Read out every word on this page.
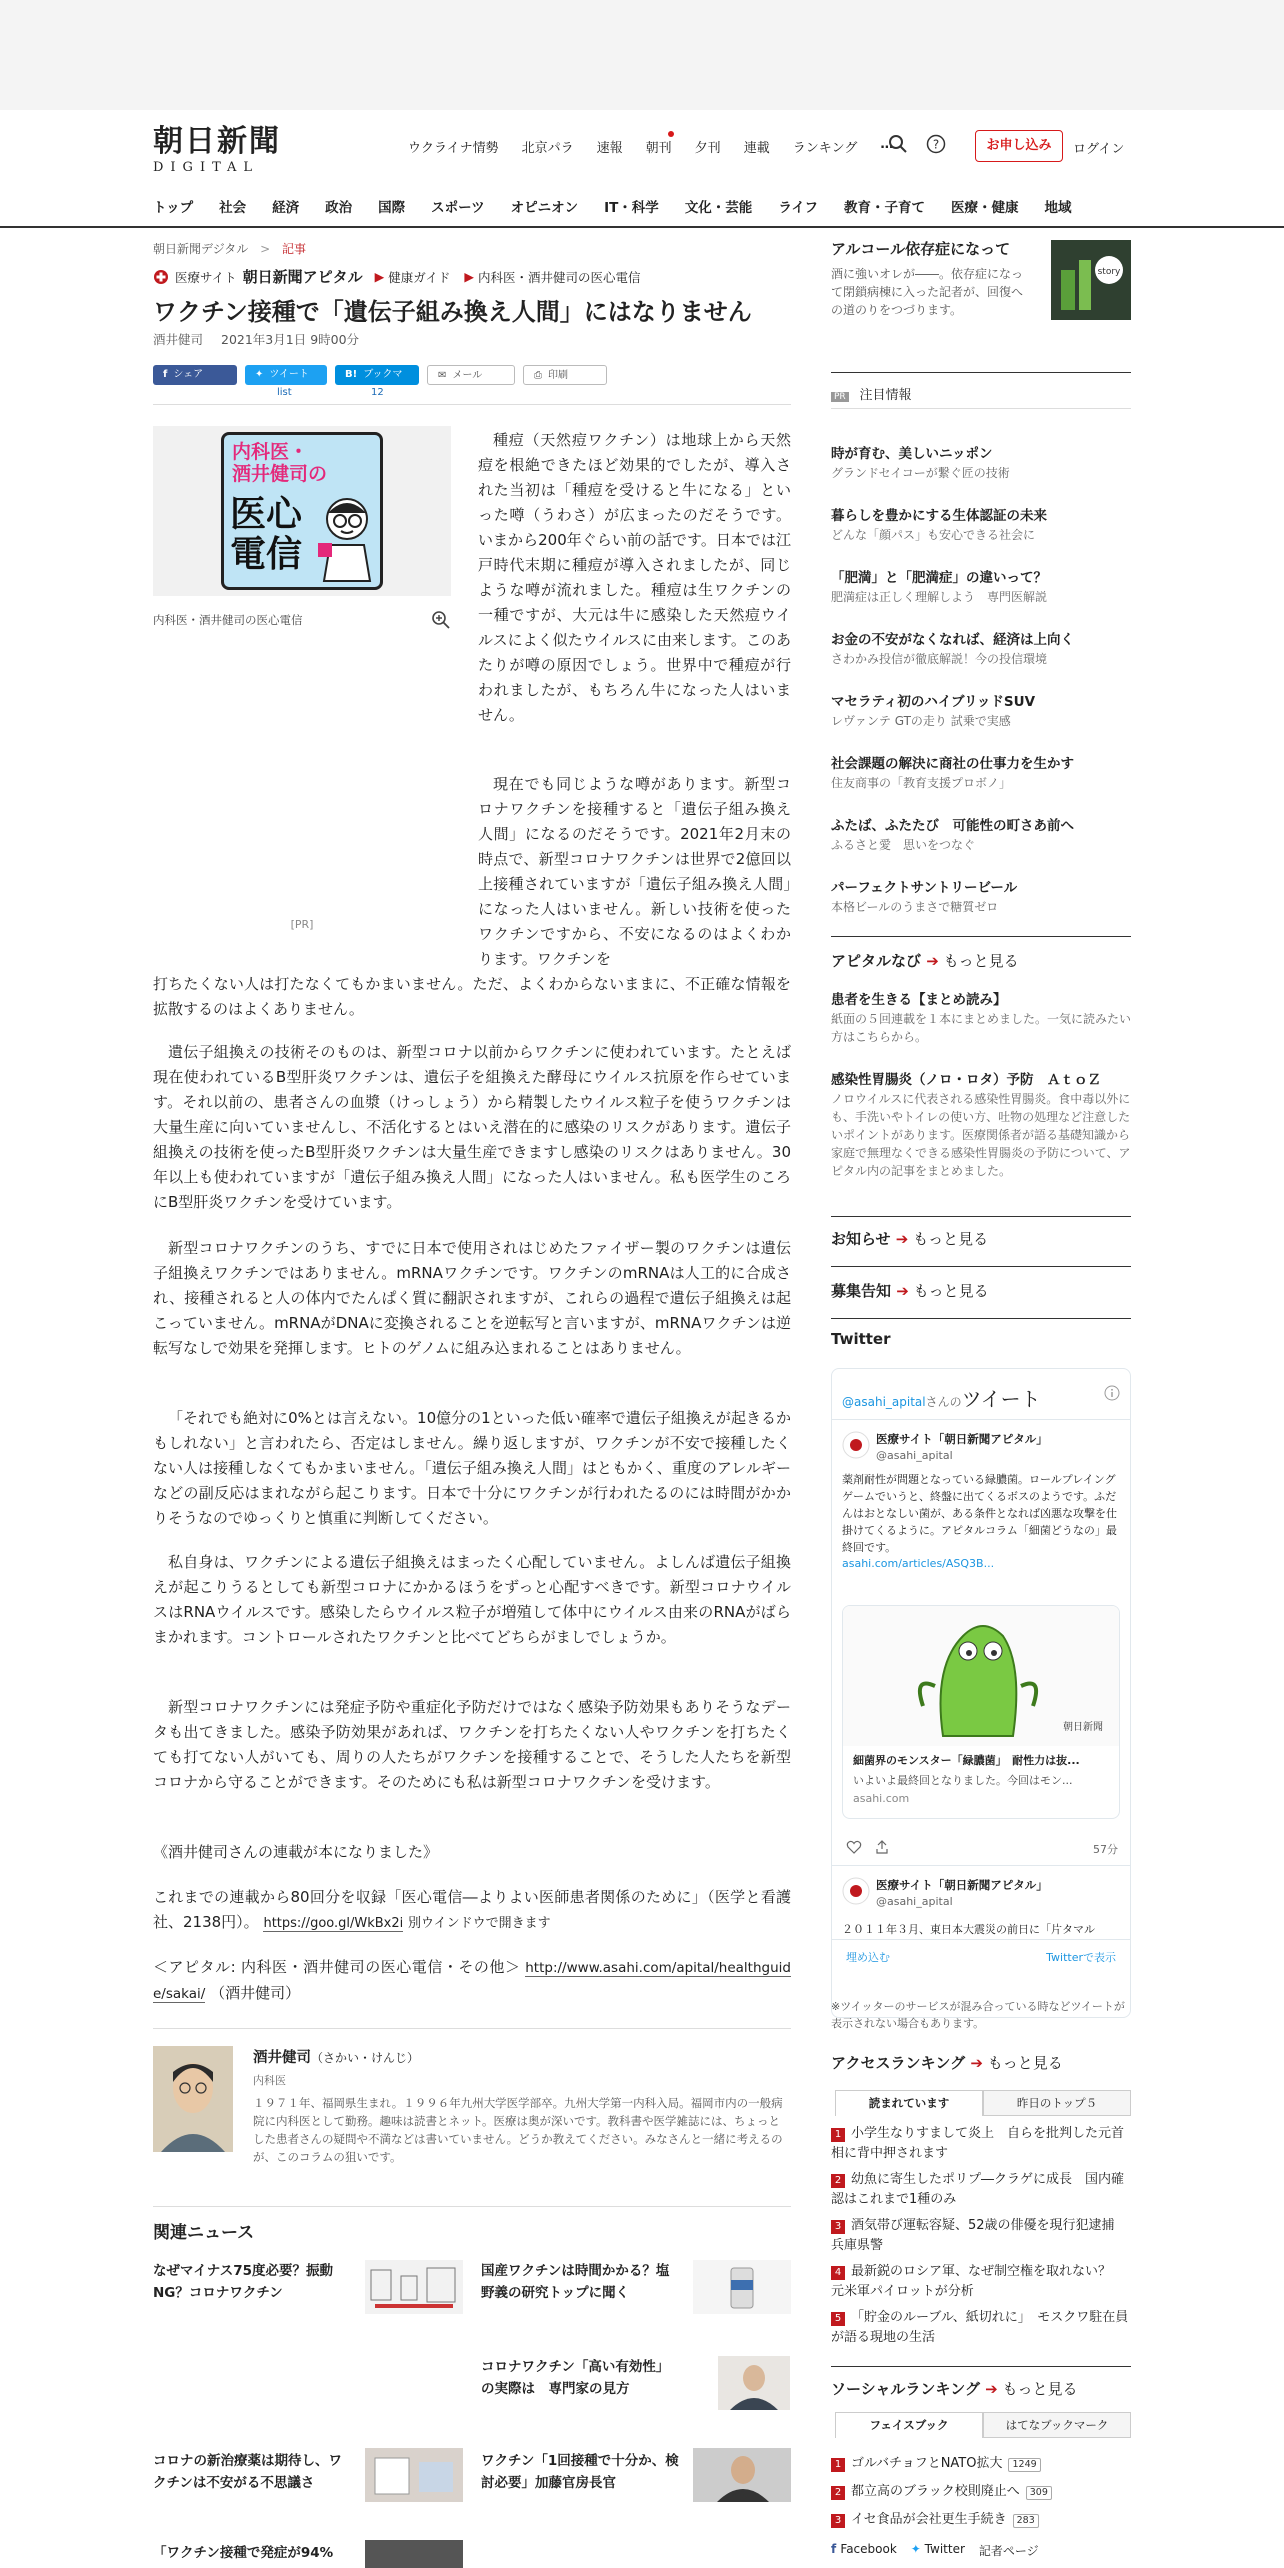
朝日新聞
DIGITAL
ウクライナ情勢 北京パラ 速報 朝刊 夕刊 連載 ランキング …	?	お申し込み	ログイン
トップ 社会 経済 政治 国際 スポーツ オピニオン IT・科学 文化・芸能 ライフ 教育・子育て 医療・健康 地域
朝日新聞デジタル > 記事
医療サイト 朝日新聞アピタル ▶ 健康ガイド ▶ 内科医・酒井健司の医心電信
ワクチン接種で「遺伝子組み換え人間」にはなりません
酒井健司 2021年3月1日 9時00分
f シェア	✦ ツイート	B! ブックマーク
✉ メール	⎙ 印刷
list	12
内科医・
酒井健司の
医心
電信
内科医・酒井健司の医心電信
[PR]
種痘（天然痘ワクチン）は地球上から天然痘を根絶できたほど効果的でしたが、導入された当初は「種痘を受けると牛になる」といった噂（うわさ）が広まったのだそうです。いまから200年ぐらい前の話です。日本では江戸時代末期に種痘が導入されましたが、同じような噂が流れました。種痘は生ワクチンの一種ですが、大元は牛に感染した天然痘ウイルスによく似たウイルスに由来します。このあたりが噂の原因でしょう。世界中で種痘が行われましたが、もちろん牛になった人はいません。
現在でも同じような噂があります。新型コロナワクチンを接種すると「遺伝子組み換え人間」になるのだそうです。2021年2月末の時点で、新型コロナワクチンは世界で2億回以上接種されていますが「遺伝子組み換え人間」になった人はいません。新しい技術を使ったワクチンですから、不安になるのはよくわかります。ワクチンを
打ちたくない人は打たなくてもかまいません。ただ、よくわからないままに、不正確な情報を拡散するのはよくありません。
遺伝子組換えの技術そのものは、新型コロナ以前からワクチンに使われています。たとえば現在使われているB型肝炎ワクチンは、遺伝子を組換えた酵母にウイルス抗原を作らせています。それ以前の、患者さんの血漿（けっしょう）から精製したウイルス粒子を使うワクチンは大量生産に向いていませんし、不活化するとはいえ潜在的に感染のリスクがあります。遺伝子組換えの技術を使ったB型肝炎ワクチンは大量生産できますし感染のリスクはありません。30年以上も使われていますが「遺伝子組み換え人間」になった人はいません。私も医学生のころにB型肝炎ワクチンを受けています。
新型コロナワクチンのうち、すでに日本で使用されはじめたファイザー製のワクチンは遺伝子組換えワクチンではありません。mRNAワクチンです。ワクチンのmRNAは人工的に合成され、接種されると人の体内でたんぱく質に翻訳されますが、これらの過程で遺伝子組換えは起こっていません。mRNAがDNAに変換されることを逆転写と言いますが、mRNAワクチンは逆転写なしで効果を発揮します。ヒトのゲノムに組み込まれることはありません。
「それでも絶対に0%とは言えない。10億分の1といった低い確率で遺伝子組換えが起きるかもしれない」と言われたら、否定はしません。繰り返しますが、ワクチンが不安で接種したくない人は接種しなくてもかまいません。「遺伝子組み換え人間」はともかく、重度のアレルギーなどの副反応はまれながら起こります。日本で十分にワクチンが行われたるのには時間がかかりそうなのでゆっくりと慎重に判断してください。
私自身は、ワクチンによる遺伝子組換えはまったく心配していません。よしんば遺伝子組換えが起こりうるとしても新型コロナにかかるほうをずっと心配すべきです。新型コロナウイルスはRNAウイルスです。感染したらウイルス粒子が増殖して体中にウイルス由来のRNAがばらまかれます。コントロールされたワクチンと比べてどちらがましでしょうか。
新型コロナワクチンには発症予防や重症化予防だけではなく感染予防効果もありそうなデータも出てきました。感染予防効果があれば、ワクチンを打ちたくない人やワクチンを打ちたくても打てない人がいても、周りの人たちがワクチンを接種することで、そうした人たちを新型コロナから守ることができます。そのためにも私は新型コロナワクチンを受けます。
《酒井健司さんの連載が本になりました》
これまでの連載から80回分を収録「医心電信―よりよい医師患者関係のために」（医学と看護社、2138円）。 https://goo.gl/WkBx2i 別ウインドウで開きます
＜アピタル: 内科医・酒井健司の医心電信・その他＞ http://www.asahi.com/apital/healthguide/sakai/ （酒井健司）
酒井健司（さかい・けんじ）
内科医
１９７１年、福岡県生まれ。１９９６年九州大学医学部卒。九州大学第一内科入局。福岡市内の一般病院に内科医として勤務。趣味は読書とネット。医療は奥が深いです。教科書や医学雑誌には、ちょっとした患者さんの疑問や不満などは書いていません。どうか教えてください。みなさんと一緒に考えるのが、このコラムの狙いです。
関連ニュース
なぜマイナス75度必要？振動NG？コロナワクチン
国産ワクチンは時間かかる？塩野義の研究トップに聞く
コロナワクチン「高い有効性」の実際は　専門家の見方
コロナの新治療薬は期待し、ワクチンは不安がる不思議さ
ワクチン「1回接種で十分か、検討必要」加藤官房長官
「ワクチン接種で発症が94%
アルコール依存症になって
酒に強いオレが――。依存症になって閉鎖病棟に入った記者が、回復への道のりをつづります。
story
PR 注目情報
時が育む、美しいニッポン
グランドセイコーが繋ぐ匠の技術
暮らしを豊かにする生体認証の未来
どんな「顔パス」も安心できる社会に
「肥満」と「肥満症」の違いって？
肥満症は正しく理解しよう　専門医解説
お金の不安がなくなれば、経済は上向く
さわかみ投信が徹底解説！今の投信環境
マセラティ初のハイブリッドSUV
レヴァンテ GTの走り 試乗で実感
社会課題の解決に商社の仕事力を生かす
住友商事の「教育支援プロボノ」
ふたば、ふたたび　可能性の町さあ前へ
ふるさと愛　思いをつなぐ
パーフェクトサントリービール
本格ビールのうまさで糖質ゼロ
アピタルなび ➔ もっと見る
患者を生きる【まとめ読み】
紙面の５回連載を１本にまとめました。一気に読みたい方はこちらから。
感染性胃腸炎（ノロ・ロタ）予防　ＡｔｏＺ
ノロウイルスに代表される感染性胃腸炎。食中毒以外にも、手洗いやトイレの使い方、吐物の処理など注意したいポイントがあります。医療関係者が語る基礎知識から家庭で無理なくできる感染性胃腸炎の予防について、アピタル内の記事をまとめました。
お知らせ ➔ もっと見る
募集告知 ➔ もっと見る
Twitter
@asahi_apitalさんのツイート
医療サイト「朝日新聞アピタル」
@asahi_apital
薬剤耐性が問題となっている緑膿菌。ロールプレイングゲームでいうと、終盤に出てくるボスのようです。ふだんはおとなしい菌が、ある条件となれば凶悪な攻撃を仕掛けてくるように。アピタルコラム「細菌どうなの」最終回です。
asahi.com/articles/ASQ3B...
朝日新聞
細菌界のモンスター「緑膿菌」　耐性力は抜...
いよいよ最終回となりました。今回はモン...
asahi.com
57分
医療サイト「朝日新聞アピタル」
@asahi_apital
２０１１年３月、東日本大震災の前日に「片タマル
埋め込む	Twitterで表示
※ツイッターのサービスが混み合っている時などツイートが表示されない場合もあります。
アクセスランキング ➔ もっと見る
読まれています	昨日のトップ５
1 小学生なりすまして炎上　自らを批判した元首相に背中押されます
2 幼魚に寄生したポリプ―クラゲに成長　国内確認はこれまで1種のみ
3 酒気帯び運転容疑、52歳の俳優を現行犯逮捕　兵庫県警
4 最新鋭のロシア軍、なぜ制空権を取れない？　元米軍パイロットが分析
5 「貯金のルーブル、紙切れに」　モスクワ駐在員が語る現地の生活
ソーシャルランキング ➔ もっと見る
フェイスブック	はてなブックマーク
1 ゴルバチョフとNATO拡大 1249
2 都立高のブラック校則廃止へ 309
3 イセ食品が会社更生手続き 283
f Facebook ✦ Twitter 記者ページ
